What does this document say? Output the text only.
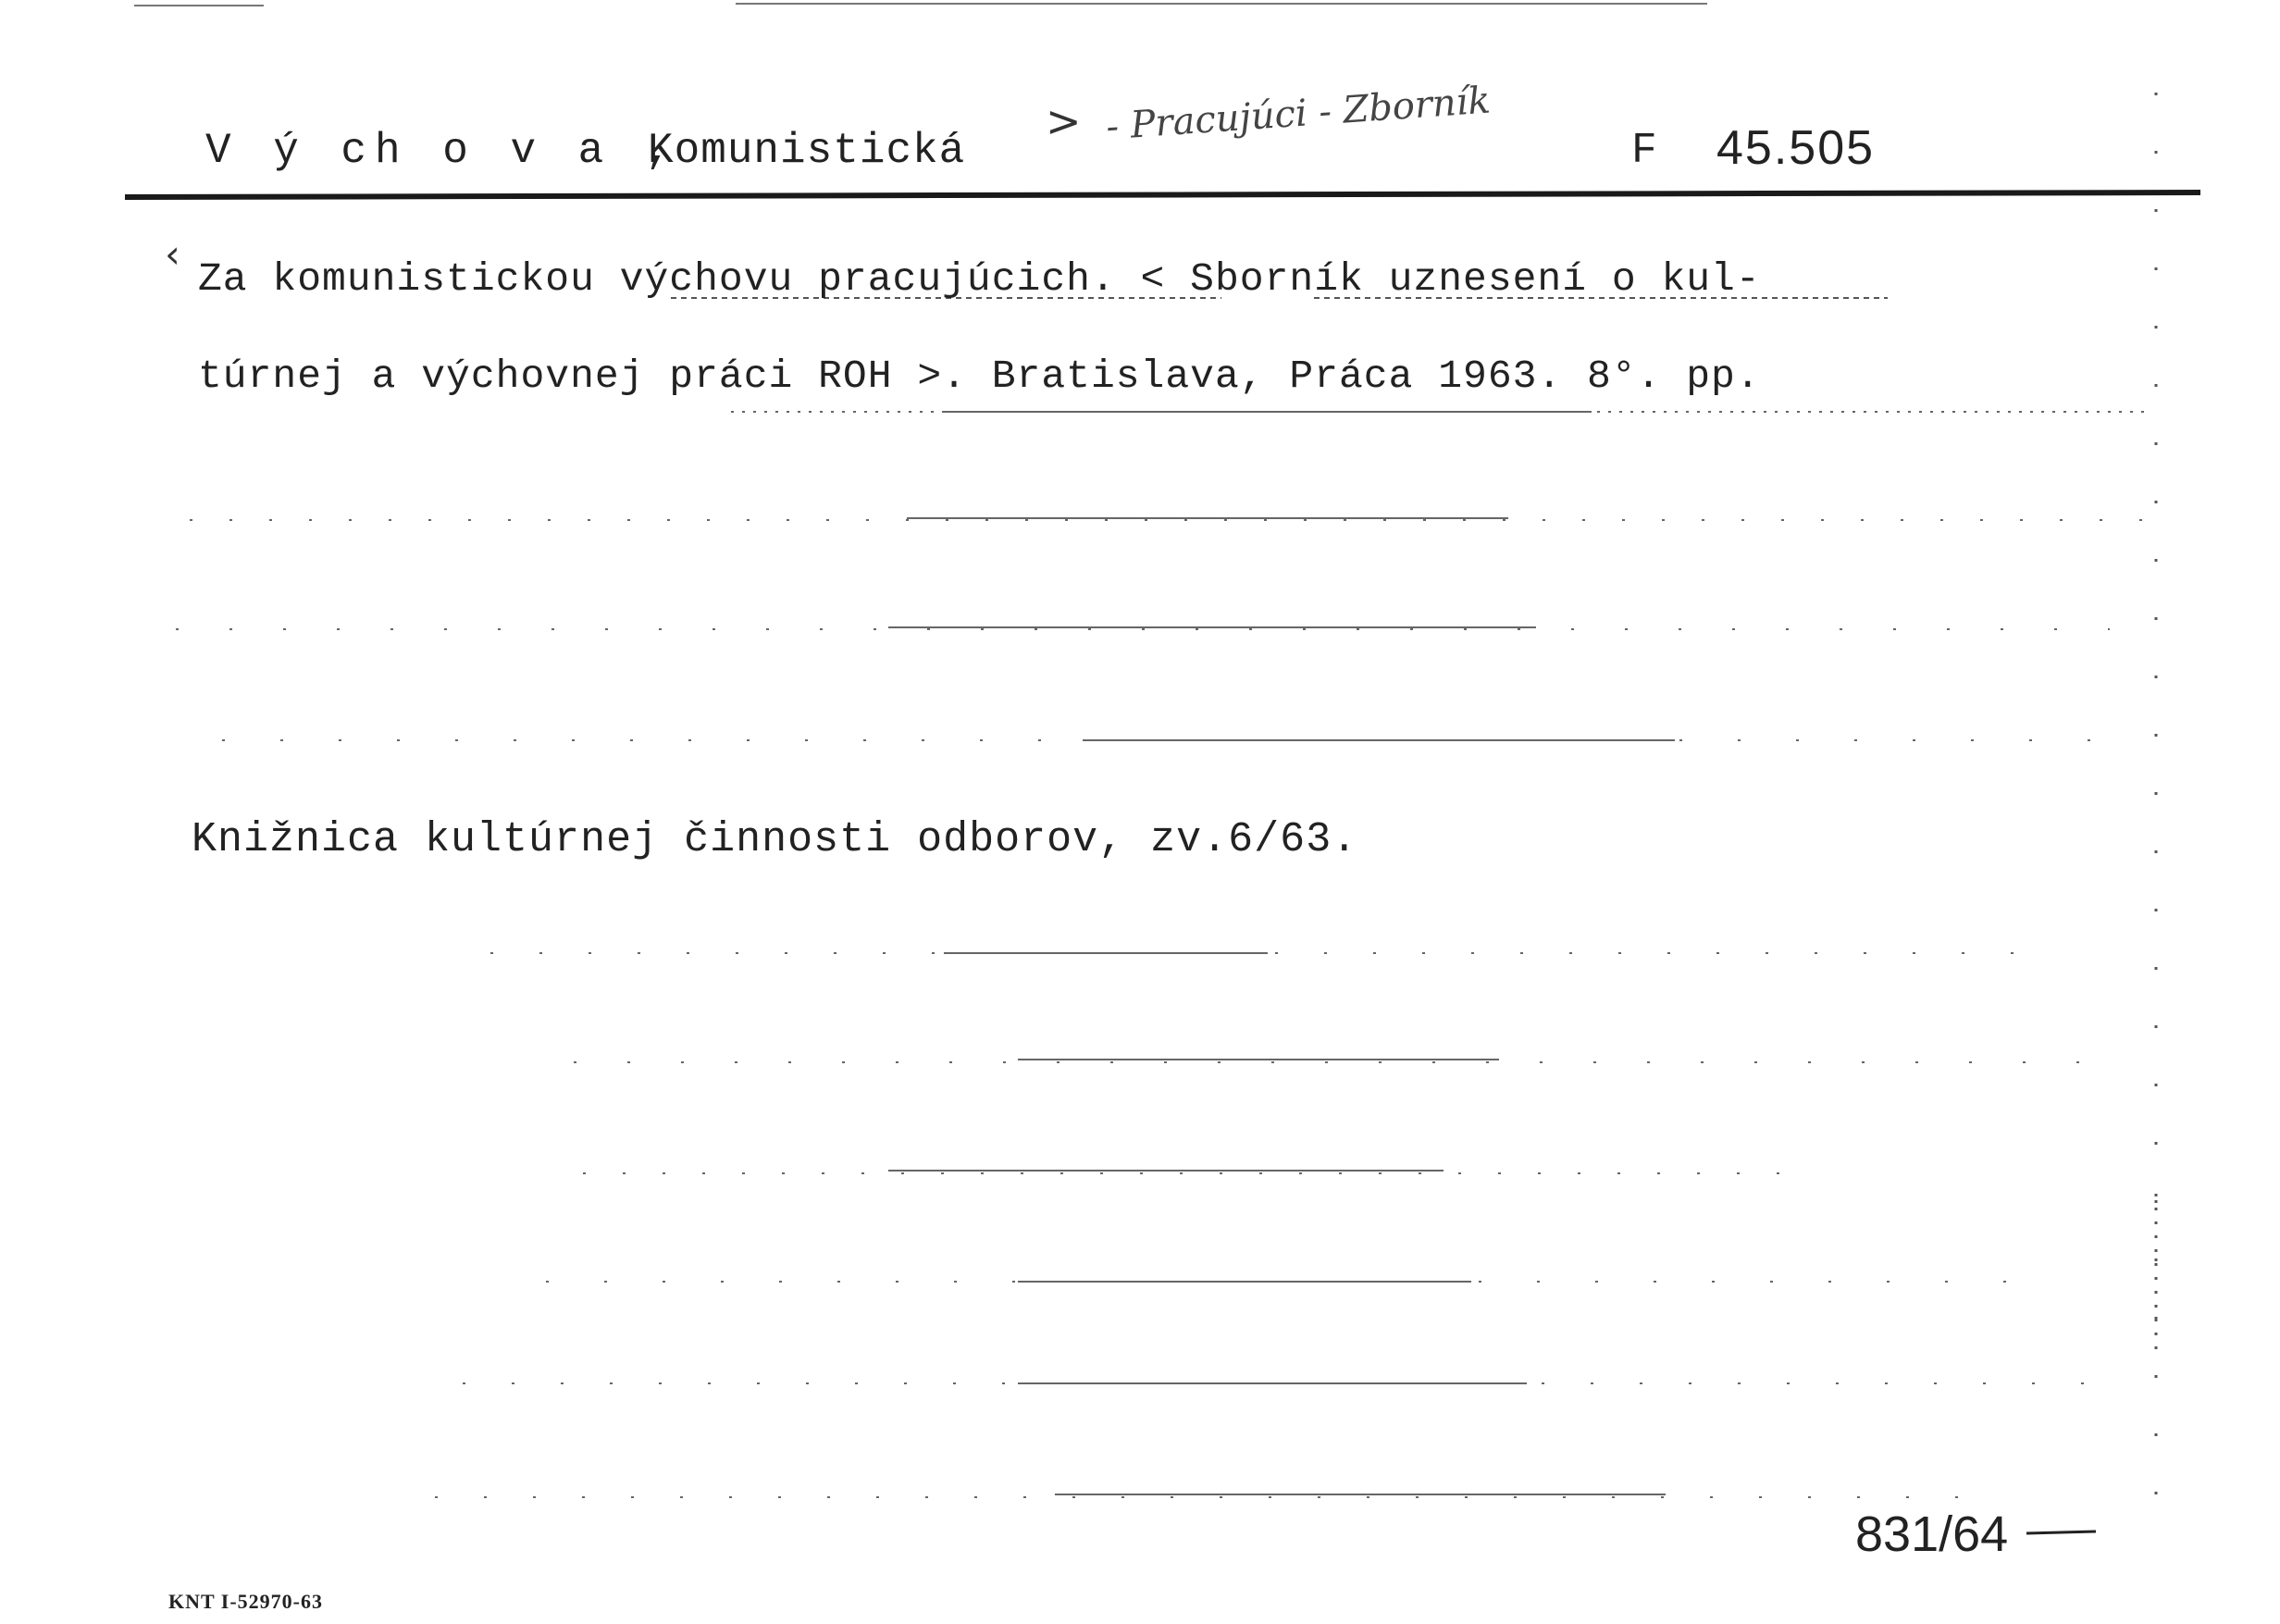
V ý ch o v a ,
Komunistická
> - Pracujúci - Zborník
F 45.505
‹
Za komunistickou výchovu pracujúcich. < Sborník uznesení o kul-
túrnej a výchovnej práci ROH >. Bratislava, Práca 1963. 8°. pp.
Knižnica kultúrnej činnosti odborov, zv.6/63.
831/64
KNT I-52970-63
